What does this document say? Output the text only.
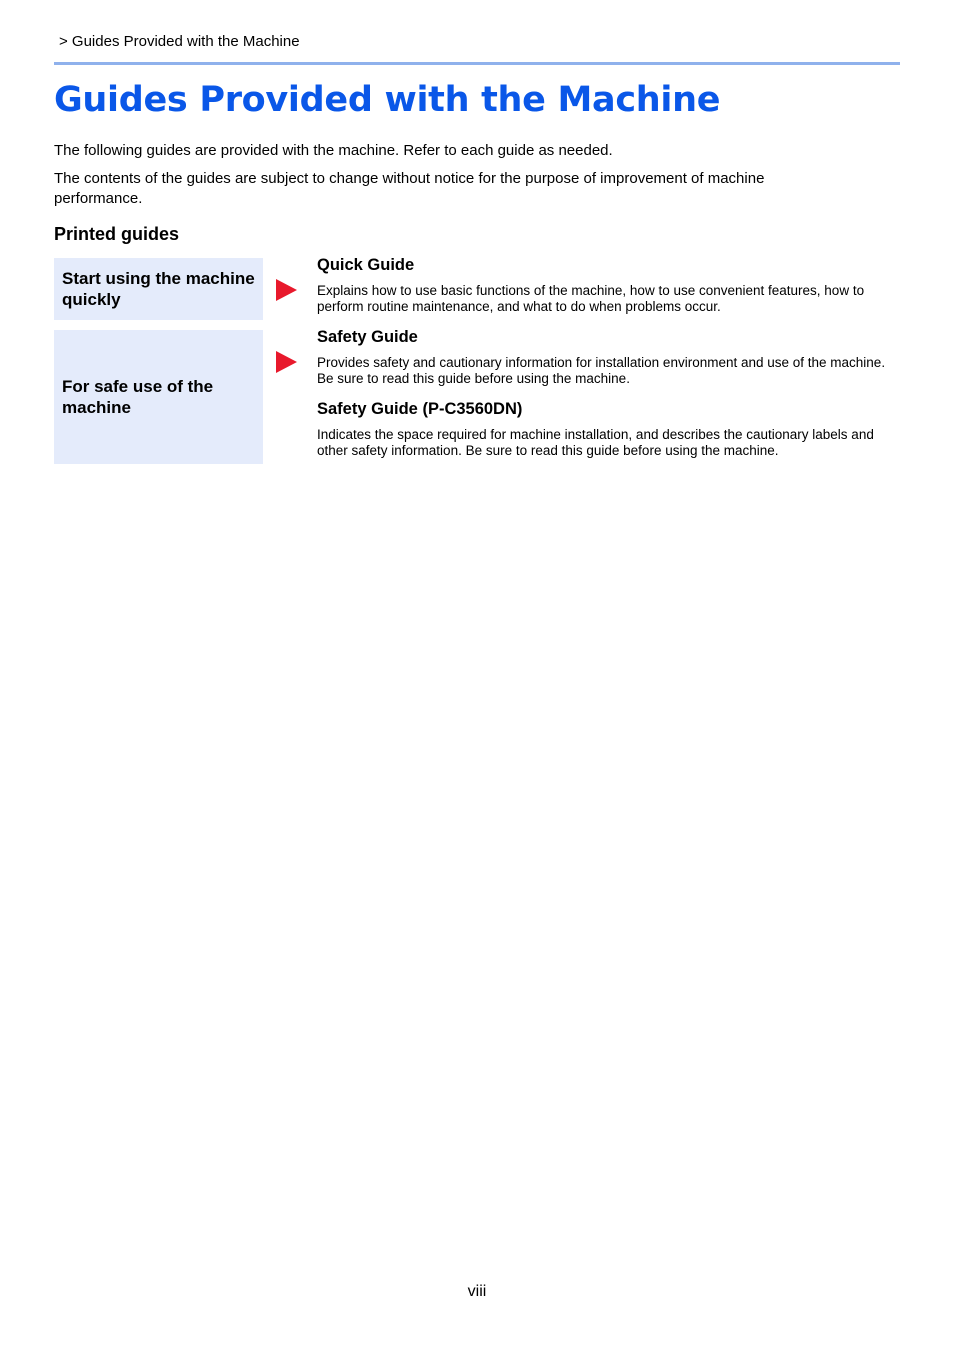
> Guides Provided with the Machine
Guides Provided with the Machine

The following guides are provided with the machine. Refer to each guide as needed.

The contents of the guides are subject to change without notice for the purpose of improvement of machine performance.

Printed guides
Start using the machine quickly
For safe use of the machine
Quick Guide

Explains how to use basic functions of the machine, how to use convenient features, how to perform routine maintenance, and what to do when problems occur.

Safety Guide

Provides safety and cautionary information for installation environment and use of the machine. Be sure to read this guide before using the machine.

Safety Guide (P-C3560DN)

Indicates the space required for machine installation, and describes the cautionary labels and other safety information. Be sure to read this guide before using the machine.

viii
